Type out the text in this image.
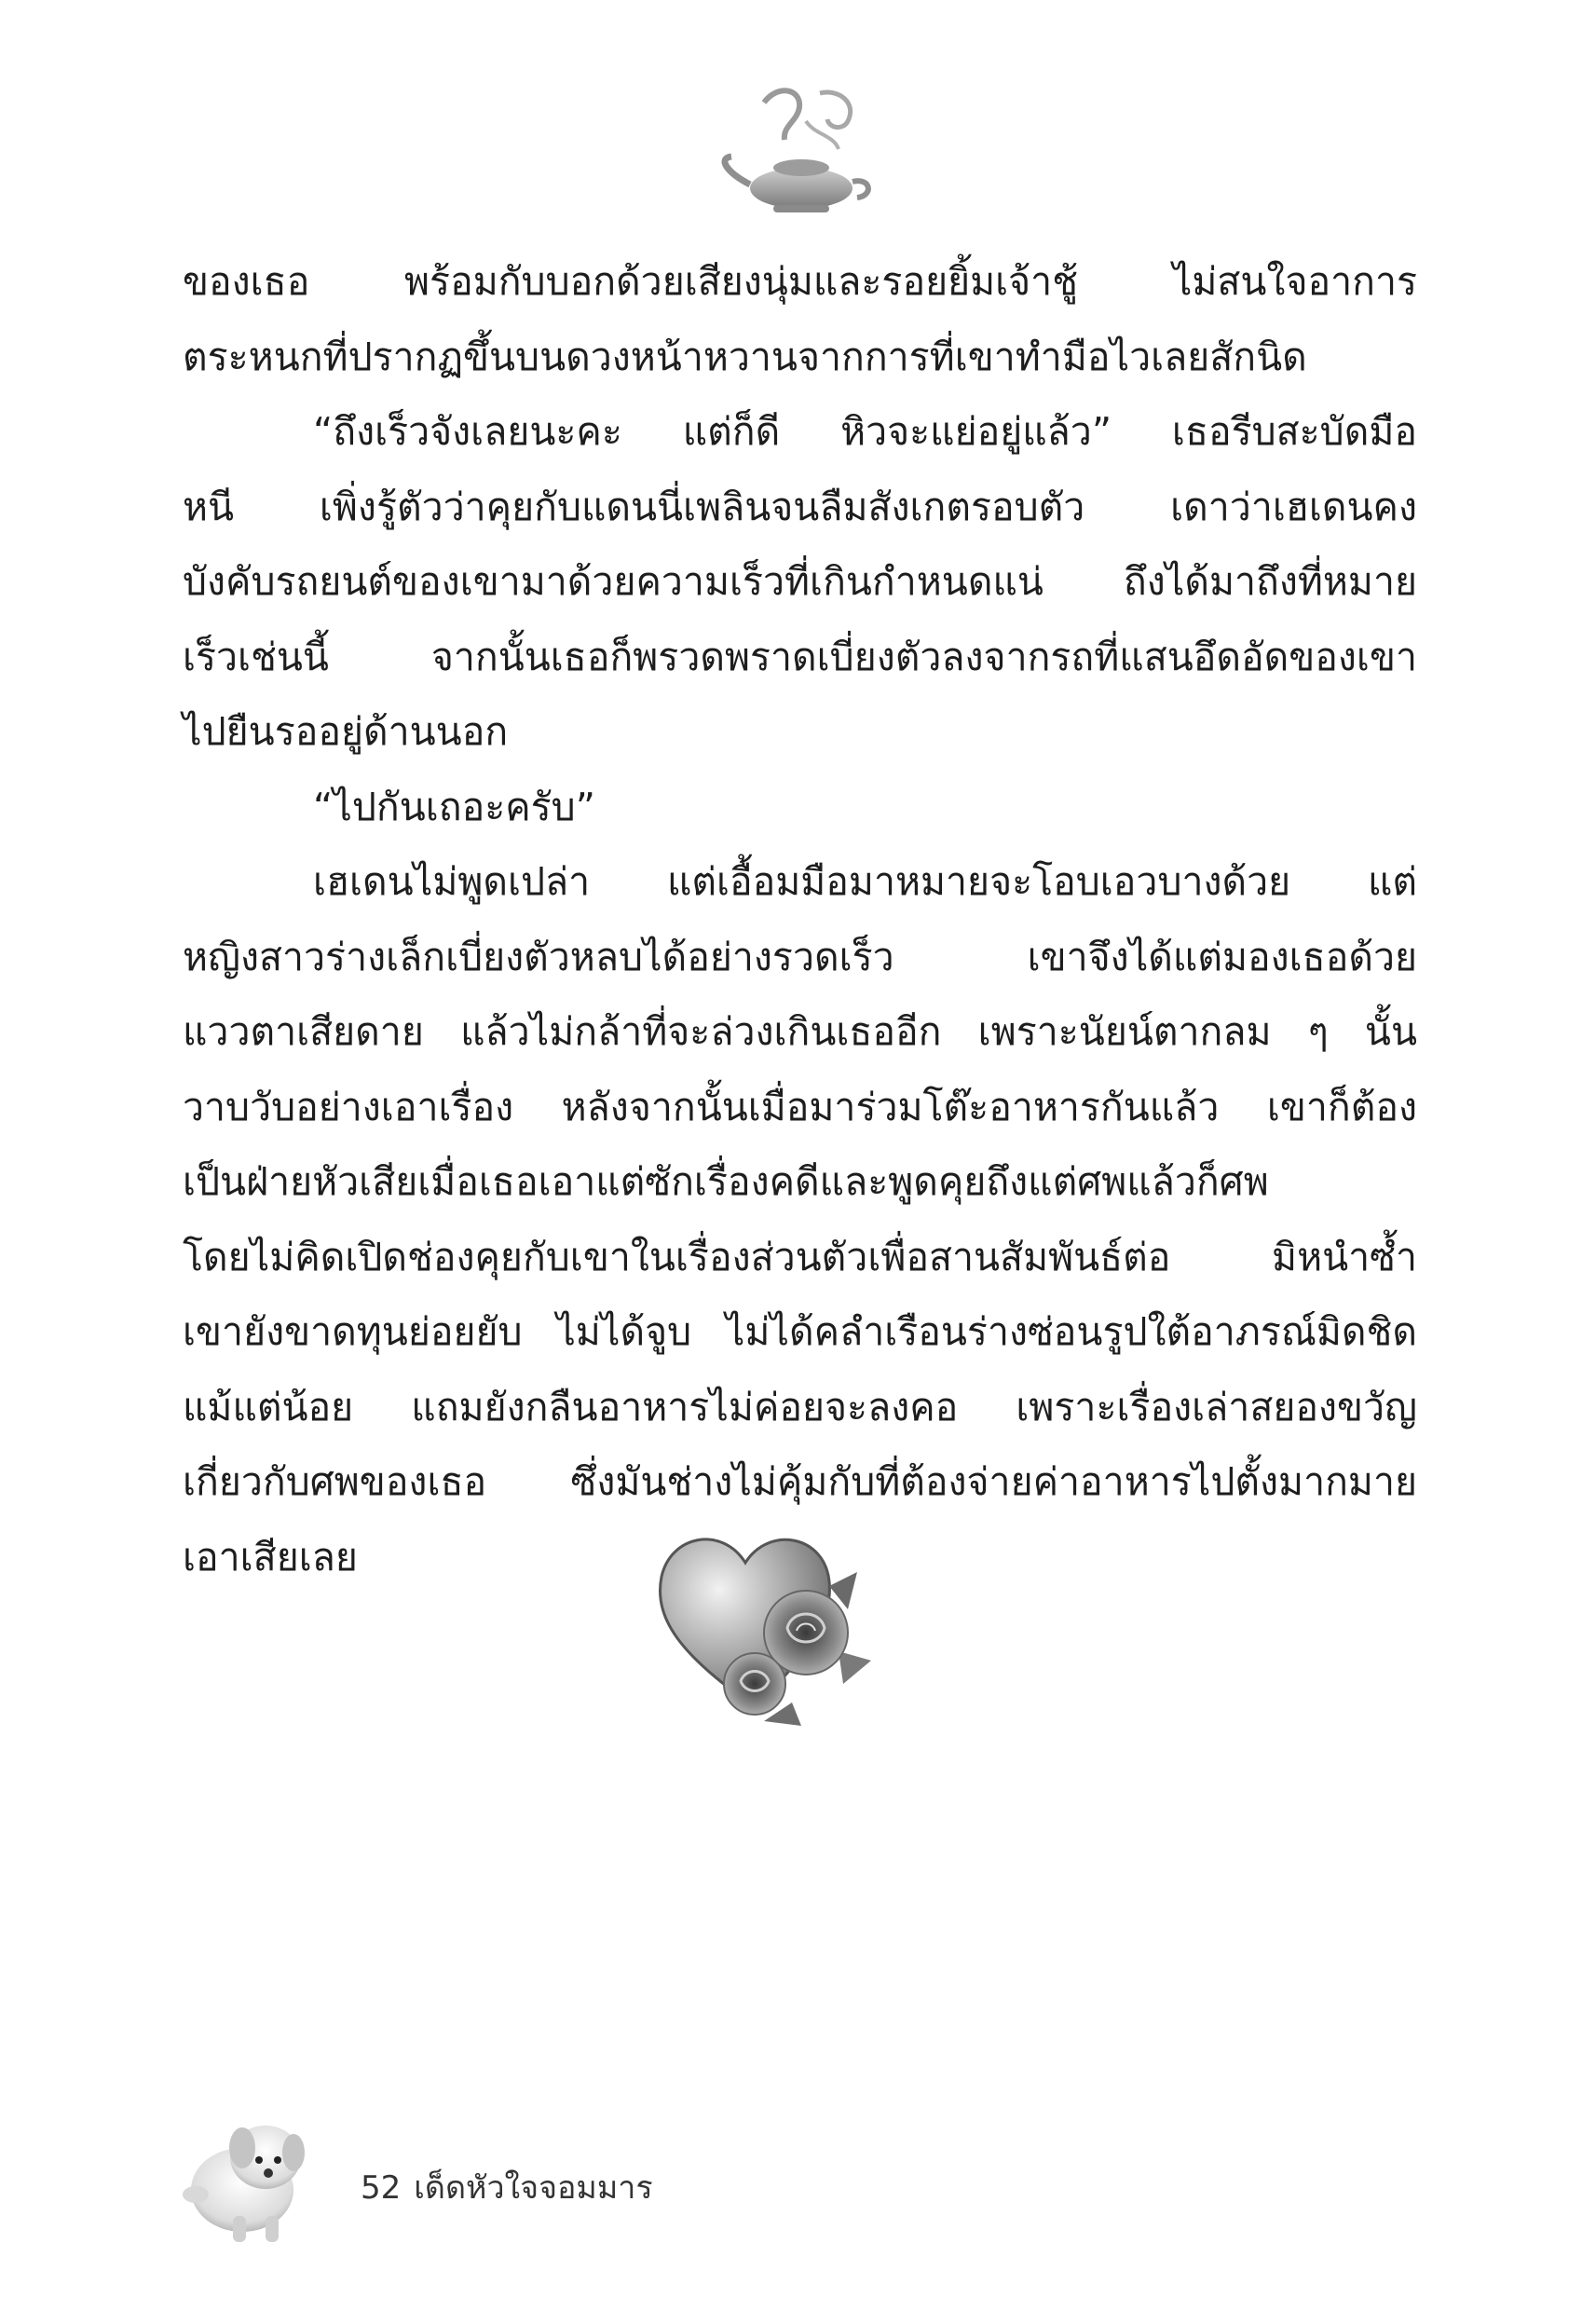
ของเธอ พร้อมกับบอกด้วยเสียงนุ่มและรอยยิ้มเจ้าชู้ ไม่สนใจอาการ
ตระหนกที่ปรากฏขึ้นบนดวงหน้าหวานจากการที่เขาทำมือไวเลยสักนิด
“ถึงเร็วจังเลยนะคะ แต่ก็ดี หิวจะแย่อยู่แล้ว” เธอรีบสะบัดมือ
หนี เพิ่งรู้ตัวว่าคุยกับแดนนี่เพลินจนลืมสังเกตรอบตัว เดาว่าเฮเดนคง
บังคับรถยนต์ของเขามาด้วยความเร็วที่เกินกำหนดแน่ ถึงได้มาถึงที่หมาย
เร็วเช่นนี้ จากนั้นเธอก็พรวดพราดเบี่ยงตัวลงจากรถที่แสนอึดอัดของเขา
ไปยืนรออยู่ด้านนอก
“ไปกันเถอะครับ”
เฮเดนไม่พูดเปล่า แต่เอื้อมมือมาหมายจะโอบเอวบางด้วย แต่
หญิงสาวร่างเล็กเบี่ยงตัวหลบได้อย่างรวดเร็ว เขาจึงได้แต่มองเธอด้วย
แววตาเสียดาย แล้วไม่กล้าที่จะล่วงเกินเธออีก เพราะนัยน์ตากลม ๆ นั้น
วาบวับอย่างเอาเรื่อง หลังจากนั้นเมื่อมาร่วมโต๊ะอาหารกันแล้ว เขาก็ต้อง
เป็นฝ่ายหัวเสียเมื่อเธอเอาแต่ซักเรื่องคดีและพูดคุยถึงแต่ศพแล้วก็ศพ
โดยไม่คิดเปิดช่องคุยกับเขาในเรื่องส่วนตัวเพื่อสานสัมพันธ์ต่อ มิหนำซ้ำ
เขายังขาดทุนย่อยยับ ไม่ได้จูบ ไม่ได้คลำเรือนร่างซ่อนรูปใต้อาภรณ์มิดชิด
แม้แต่น้อย แถมยังกลืนอาหารไม่ค่อยจะลงคอ เพราะเรื่องเล่าสยองขวัญ
เกี่ยวกับศพของเธอ ซึ่งมันช่างไม่คุ้มกับที่ต้องจ่ายค่าอาหารไปตั้งมากมาย
เอาเสียเลย
52 เด็ดหัวใจจอมมาร
